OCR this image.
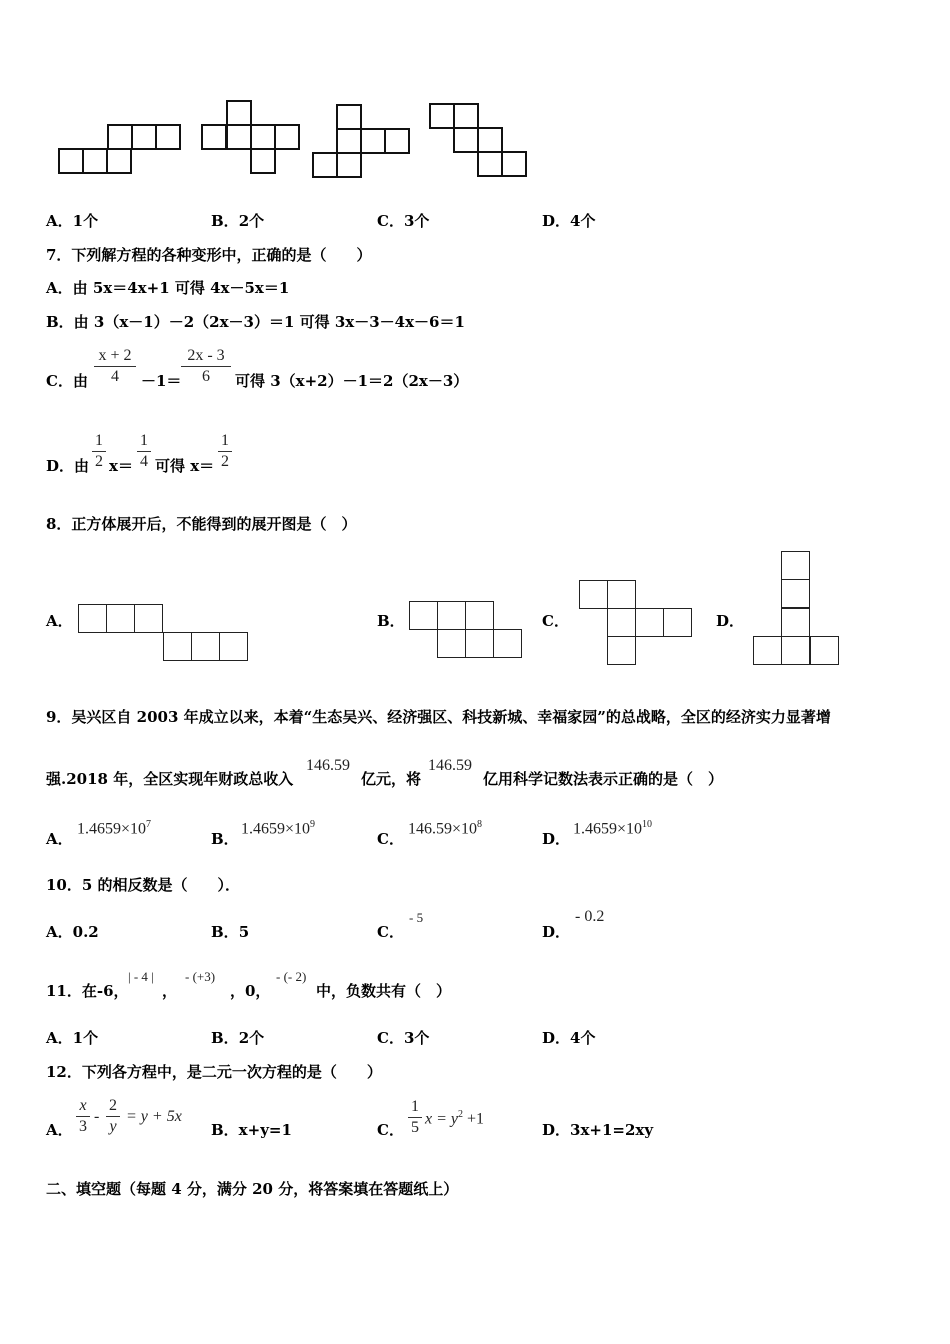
A．1个	B．2个	C．3个	D．4个
7．下列解方程的各种变形中，正确的是（　　）
A．由 5x＝4x+1 可得 4x－5x＝1
B．由 3（x－1）－2（2x－3）＝1 可得 3x－3－4x－6＝1
C．由 $\frac{x + 2}{4} -1= \frac{2x - 3}{6}$ 可得 3（x+2）－1＝2（2x－3）
D．由 $\frac{1}{2} x= \frac{1}{4}$ 可得 $x= \frac{1}{2}$
8．正方体展开后，不能得到的展开图是（　）
A．	B．	C．	D．
9．吴兴区自 2003 年成立以来，本着“生态吴兴、经济强区、科技新城、幸福家园”的总战略，全区的经济实力显著增
强.2018 年，全区实现年财政总收入
146.59
亿元，将
146.59
亿用科学记数法表示正确的是（　）
A．
$1.4659\times 10^7$
B．
$1.4659\times 10^9$
C．
$146.59\times 10^8$
D．
$1.4659\times 10^{10}$
10．5 的相反数是（　　）．
A．0.2	B．5	C．
- 5
D．
- 0.2
11．在-6，
| - 4 |
，
- (+3)
，0，
- (- 2)
中，负数共有（　）
A．1个	B．2个	C．3个	D．4个
12．下列各方程中，是二元一次方程的是（　　）
A． $\frac{x}{3} - \frac{2}{y} = y + 5x$
B．x+y=1	C． $\frac{1}{5}$ $x = y^2 +1$
D．3x+1=2xy
二、填空题（每题 4 分，满分 20 分，将答案填在答题纸上）
